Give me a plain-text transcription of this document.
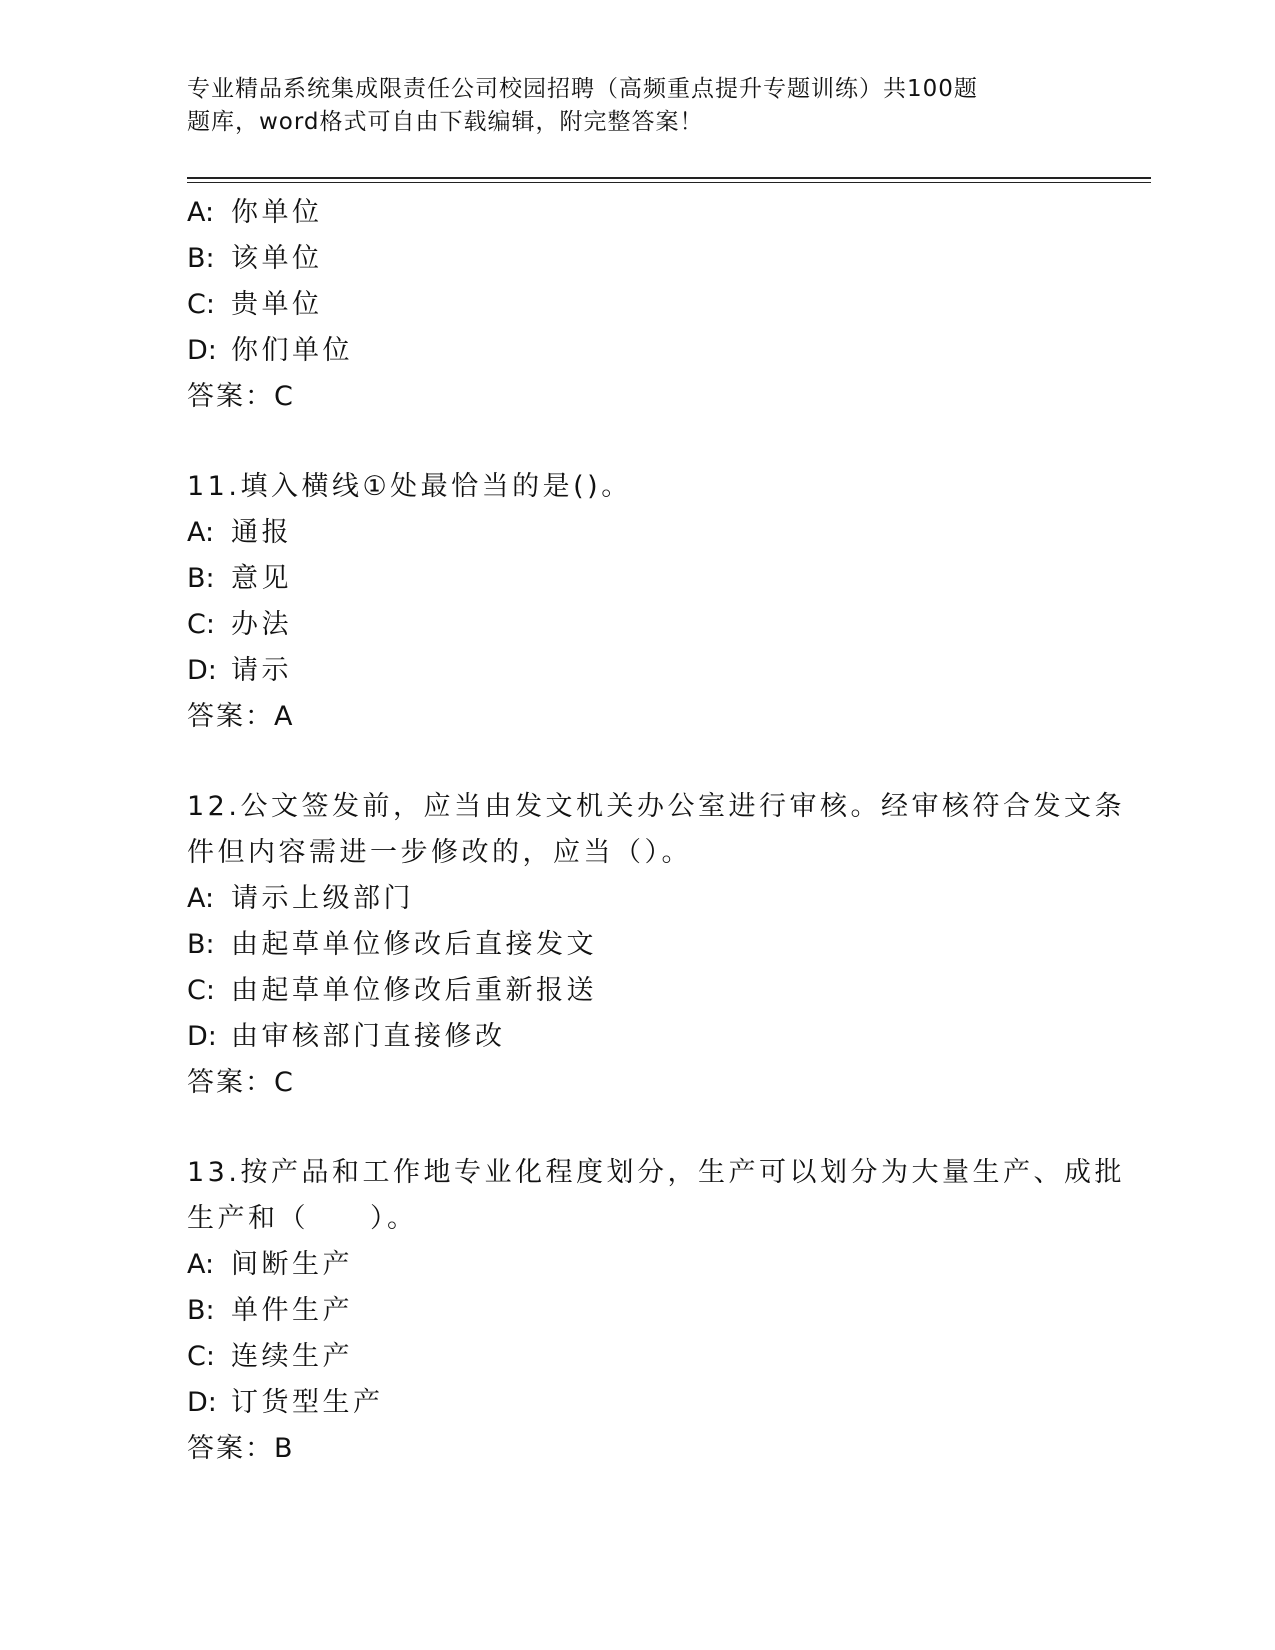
专业精品系统集成限责任公司校园招聘（高频重点提升专题训练）共100题
题库，word格式可自由下载编辑，附完整答案！
A: 你单位
B: 该单位
C: 贵单位
D: 你们单位
答案：C
11.填入横线①处最恰当的是()。
A: 通报
B: 意见
C: 办法
D: 请示
答案：A
12.公文签发前，应当由发文机关办公室进行审核。经审核符合发文条
件但内容需进一步修改的，应当（）。
A: 请示上级部门
B: 由起草单位修改后直接发文
C: 由起草单位修改后重新报送
D: 由审核部门直接修改
答案：C
13.按产品和工作地专业化程度划分，生产可以划分为大量生产、成批
生产和（　　）。
A: 间断生产
B: 单件生产
C: 连续生产
D: 订货型生产
答案：B
